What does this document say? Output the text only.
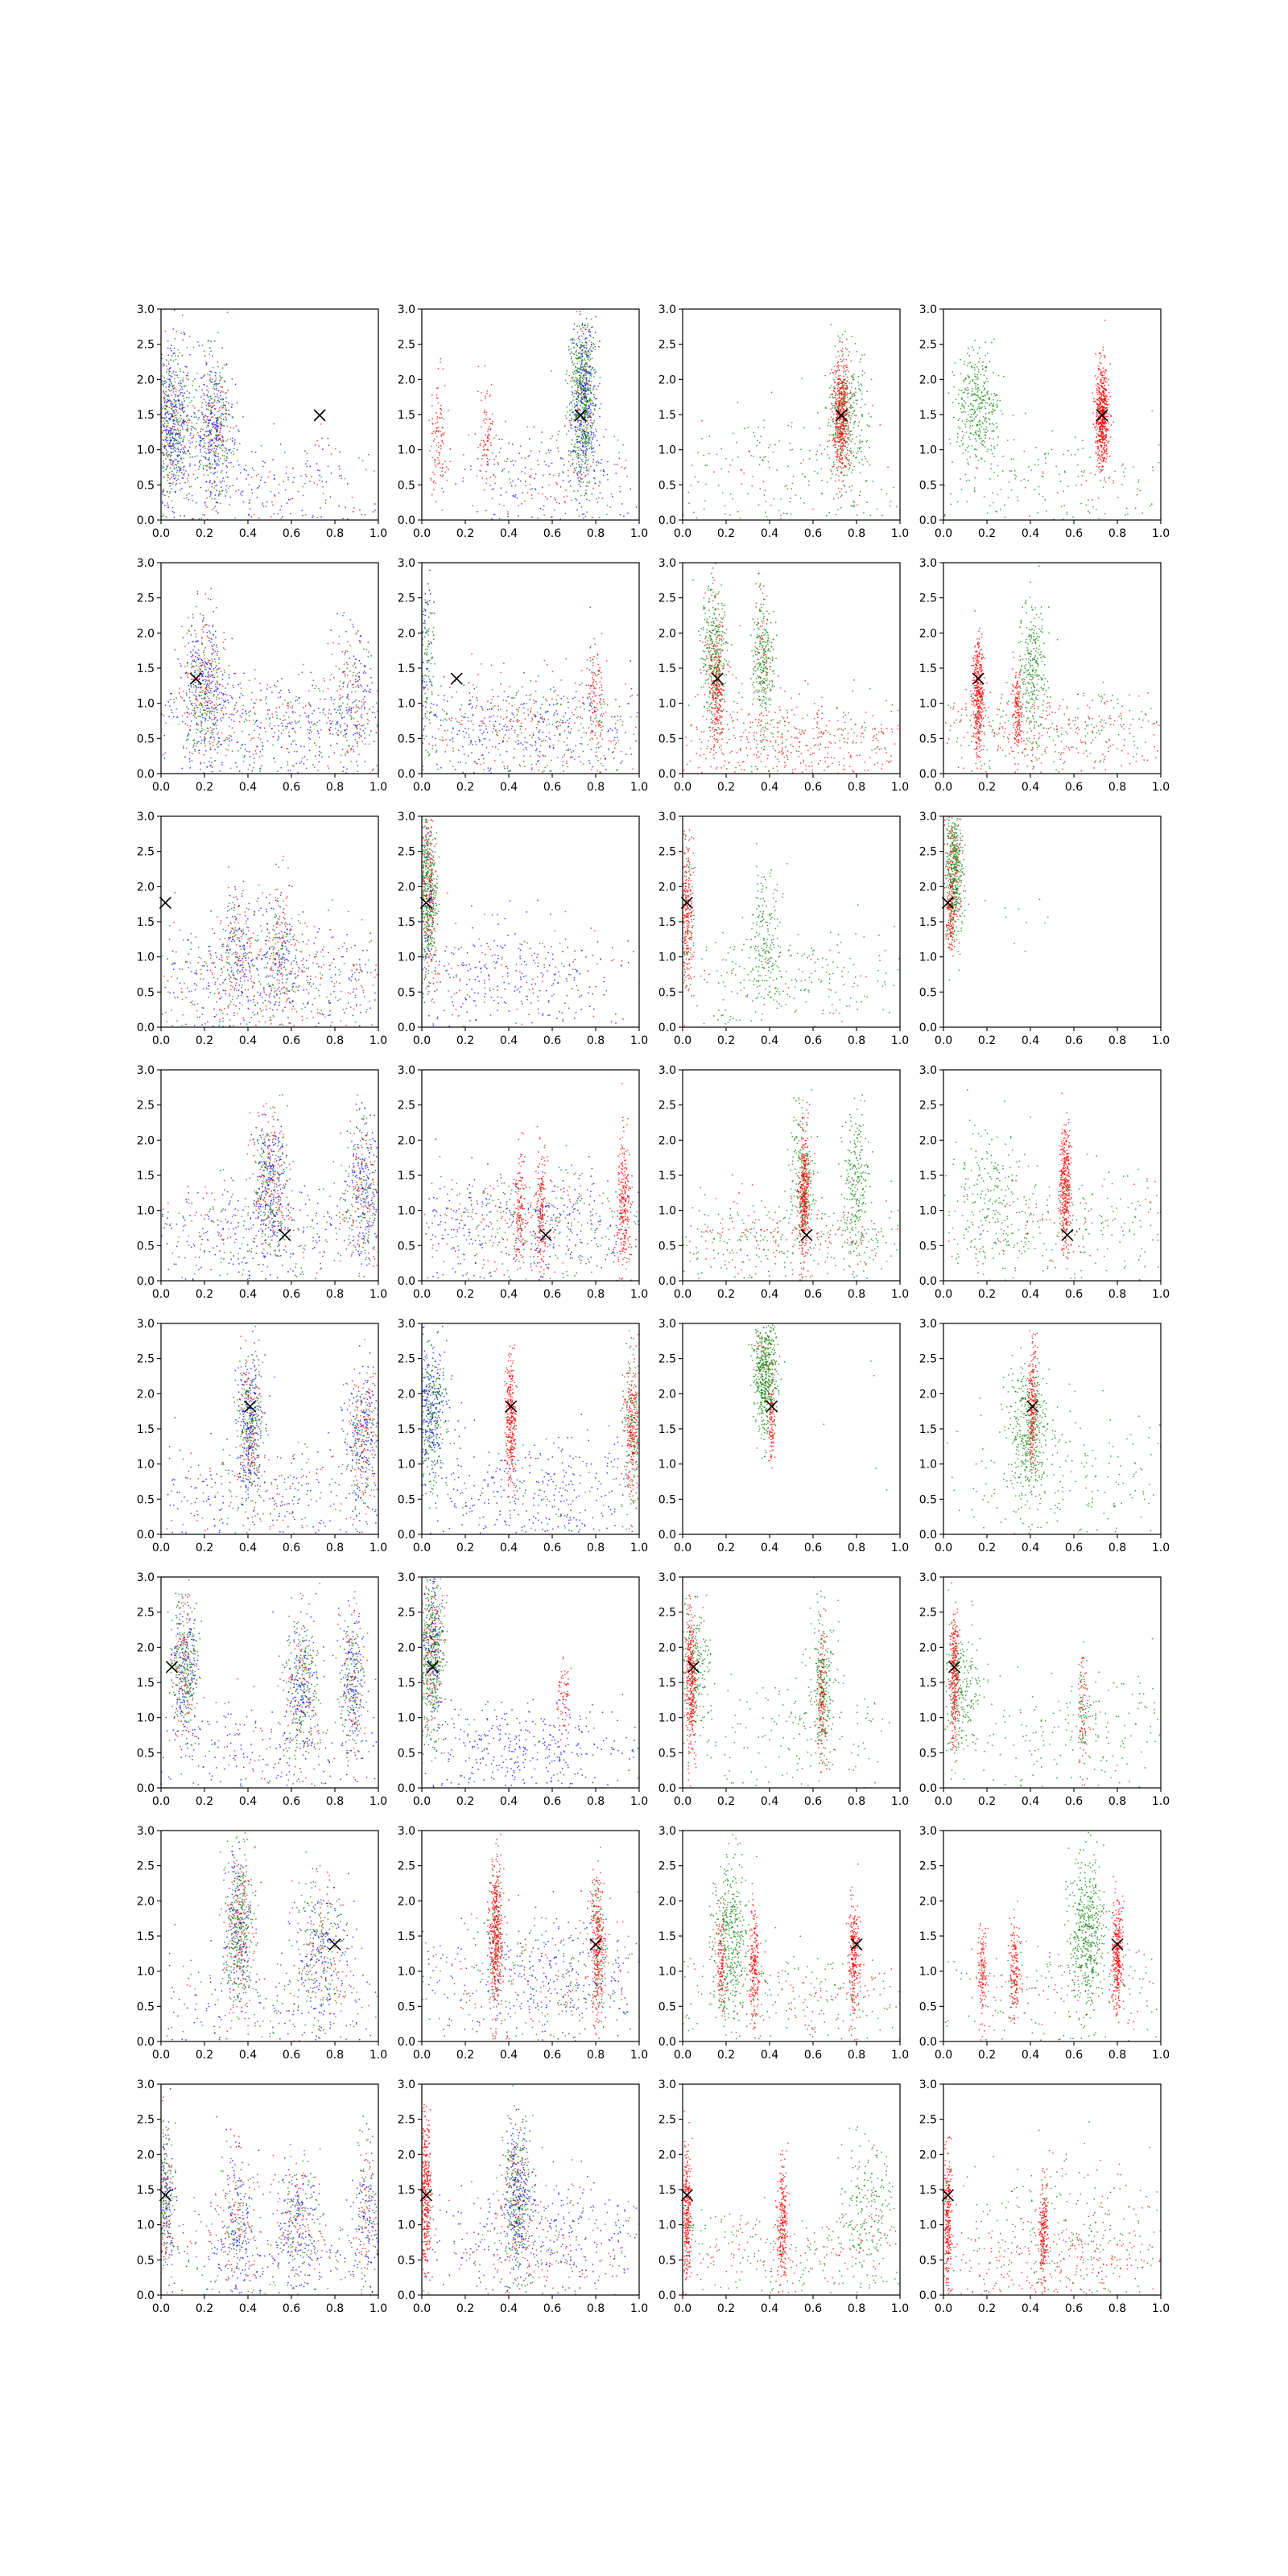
0.0 0.2 0.4 0.6 0.8 1.0
0.0
0.5
1.0
1.5
2.0
2.5
3.0
0.0 0.2 0.4 0.6 0.8 1.0
0.0
0.5
1.0
1.5
2.0
2.5
3.0
0.0 0.2 0.4 0.6 0.8 1.0
0.0
0.5
1.0
1.5
2.0
2.5
3.0
0.0 0.2 0.4 0.6 0.8 1.0
0.0
0.5
1.0
1.5
2.0
2.5
3.0
0.0 0.2 0.4 0.6 0.8 1.0
0.0
0.5
1.0
1.5
2.0
2.5
3.0
0.0 0.2 0.4 0.6 0.8 1.0
0.0
0.5
1.0
1.5
2.0
2.5
3.0
0.0 0.2 0.4 0.6 0.8 1.0
0.0
0.5
1.0
1.5
2.0
2.5
3.0
0.0 0.2 0.4 0.6 0.8 1.0
0.0
0.5
1.0
1.5
2.0
2.5
3.0
0.0 0.2 0.4 0.6 0.8 1.0
0.0
0.5
1.0
1.5
2.0
2.5
3.0
0.0 0.2 0.4 0.6 0.8 1.0
0.0
0.5
1.0
1.5
2.0
2.5
3.0
0.0 0.2 0.4 0.6 0.8 1.0
0.0
0.5
1.0
1.5
2.0
2.5
3.0
0.0 0.2 0.4 0.6 0.8 1.0
0.0
0.5
1.0
1.5
2.0
2.5
3.0
0.0 0.2 0.4 0.6 0.8 1.0
0.0
0.5
1.0
1.5
2.0
2.5
3.0
0.0 0.2 0.4 0.6 0.8 1.0
0.0
0.5
1.0
1.5
2.0
2.5
3.0
0.0 0.2 0.4 0.6 0.8 1.0
0.0
0.5
1.0
1.5
2.0
2.5
3.0
0.0 0.2 0.4 0.6 0.8 1.0
0.0
0.5
1.0
1.5
2.0
2.5
3.0
0.0 0.2 0.4 0.6 0.8 1.0
0.0
0.5
1.0
1.5
2.0
2.5
3.0
0.0 0.2 0.4 0.6 0.8 1.0
0.0
0.5
1.0
1.5
2.0
2.5
3.0
0.0 0.2 0.4 0.6 0.8 1.0
0.0
0.5
1.0
1.5
2.0
2.5
3.0
0.0 0.2 0.4 0.6 0.8 1.0
0.0
0.5
1.0
1.5
2.0
2.5
3.0
0.0 0.2 0.4 0.6 0.8 1.0
0.0
0.5
1.0
1.5
2.0
2.5
3.0
0.0 0.2 0.4 0.6 0.8 1.0
0.0
0.5
1.0
1.5
2.0
2.5
3.0
0.0 0.2 0.4 0.6 0.8 1.0
0.0
0.5
1.0
1.5
2.0
2.5
3.0
0.0 0.2 0.4 0.6 0.8 1.0
0.0
0.5
1.0
1.5
2.0
2.5
3.0
0.0 0.2 0.4 0.6 0.8 1.0
0.0
0.5
1.0
1.5
2.0
2.5
3.0
0.0 0.2 0.4 0.6 0.8 1.0
0.0
0.5
1.0
1.5
2.0
2.5
3.0
0.0 0.2 0.4 0.6 0.8 1.0
0.0
0.5
1.0
1.5
2.0
2.5
3.0
0.0 0.2 0.4 0.6 0.8 1.0
0.0
0.5
1.0
1.5
2.0
2.5
3.0
0.0 0.2 0.4 0.6 0.8 1.0
0.0
0.5
1.0
1.5
2.0
2.5
3.0
0.0 0.2 0.4 0.6 0.8 1.0
0.0
0.5
1.0
1.5
2.0
2.5
3.0
0.0 0.2 0.4 0.6 0.8 1.0
0.0
0.5
1.0
1.5
2.0
2.5
3.0
0.0 0.2 0.4 0.6 0.8 1.0
0.0
0.5
1.0
1.5
2.0
2.5
3.0
